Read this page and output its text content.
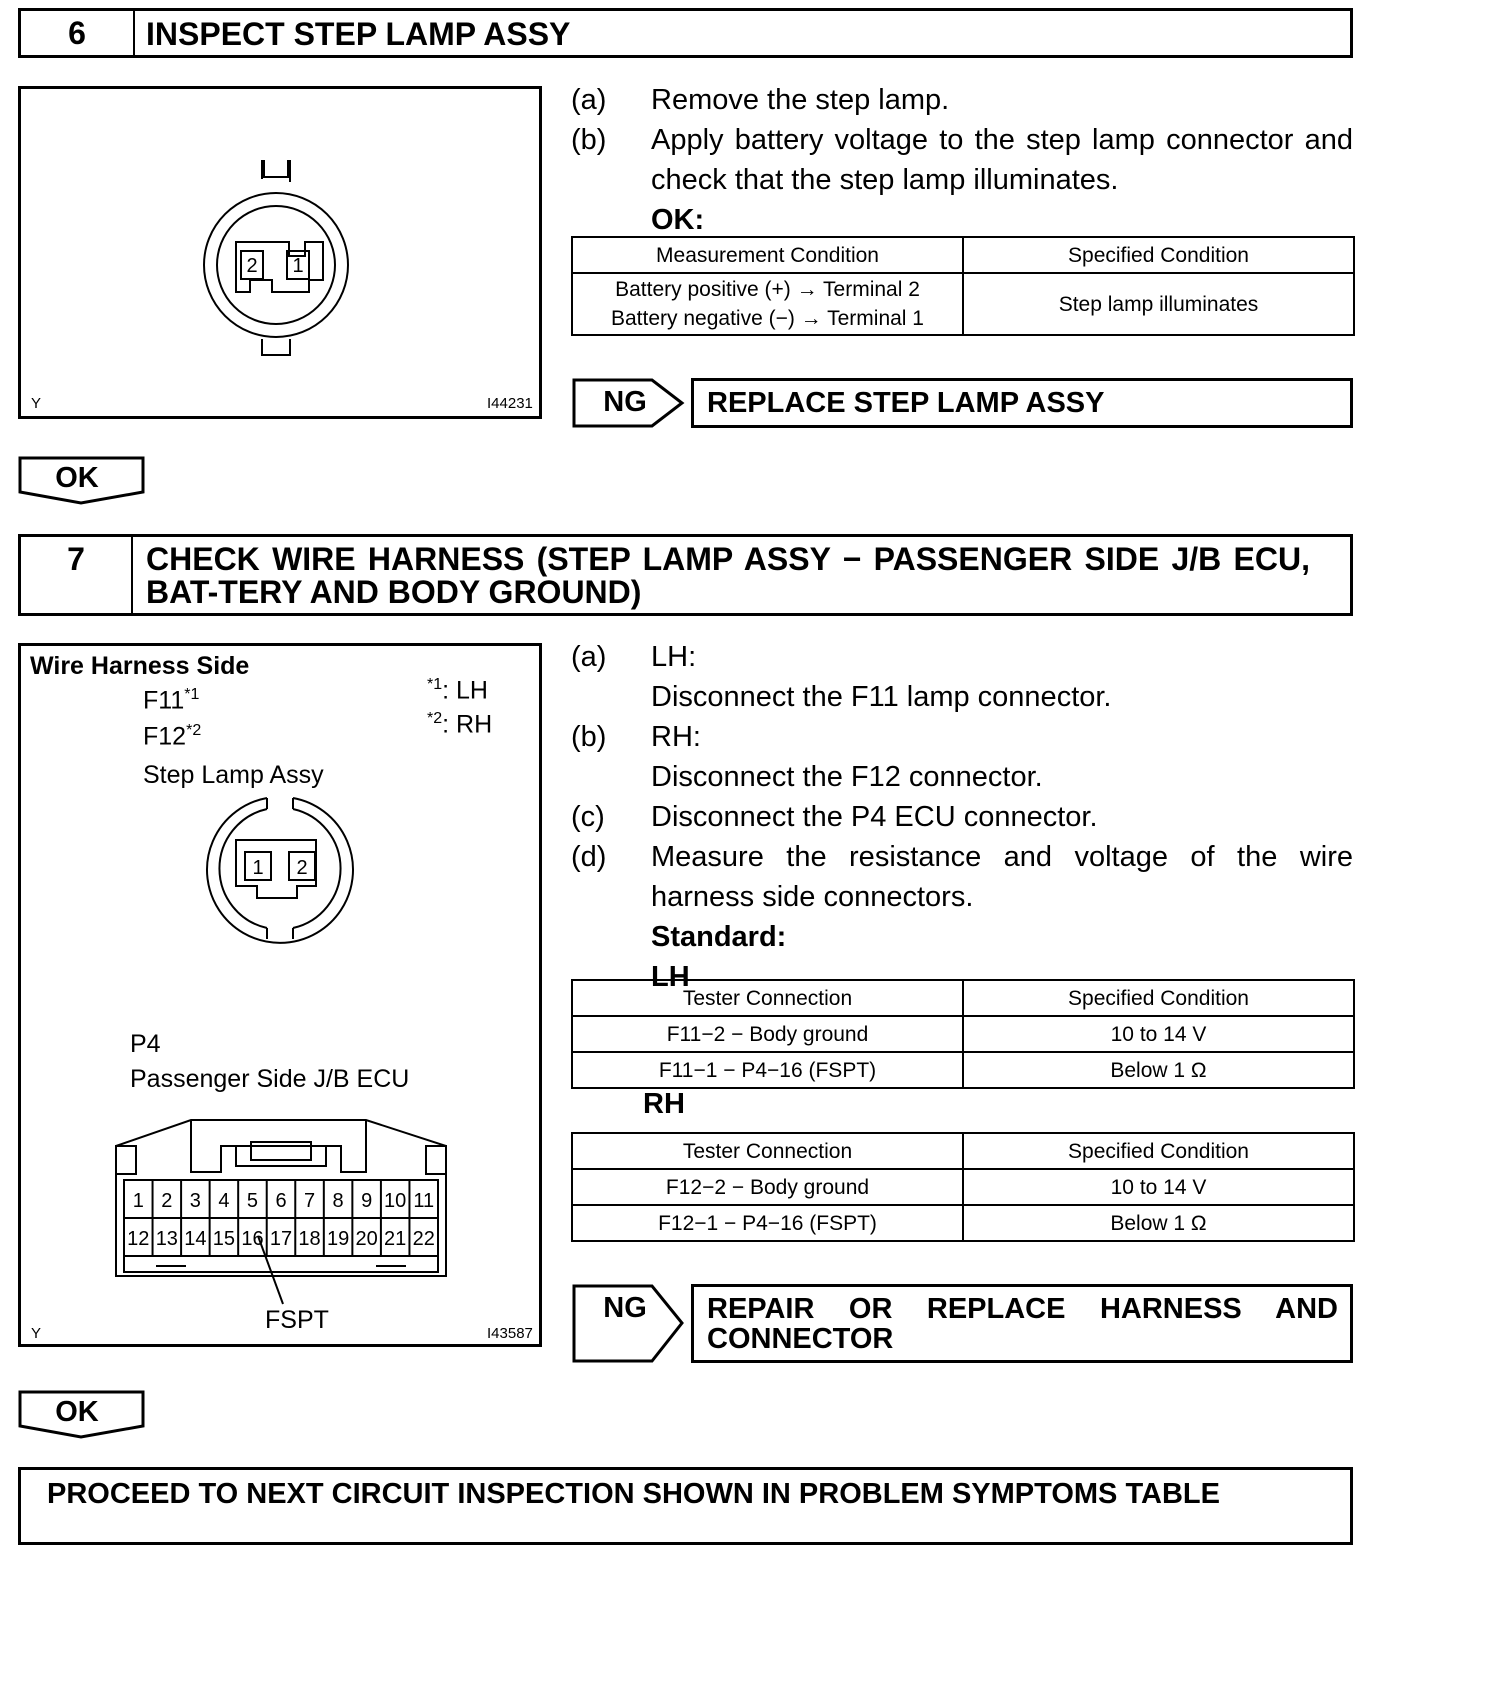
6	INSPECT STEP LAMP ASSY
2 1
Y	I44231
(a) Remove the step lamp.
(b) Apply battery voltage to the step lamp connector and check that the step lamp illuminates.
OK:
Measurement Condition	Specified Condition

Battery positive (+) → Terminal 2
Battery negative (−) → Terminal 1	Step lamp illuminates
NG	REPLACE STEP LAMP ASSY
OK
7	CHECK WIRE HARNESS (STEP LAMP ASSY − PASSENGER SIDE J/B ECU, BAT-TERY AND BODY GROUND)
Wire Harness Side
F11$^{*1}$
F12$^{*2}$
$^{*1}$: LH
$^{*2}$: RH
Step Lamp Assy
1 2
P4
Passenger Side J/B ECU
1 2 3 4 5 6 7 8 9 10 11
12 13 14 15 16 17 18 19 20 21 22
FSPT
Y	I43587
(a) LH:
Disconnect the F11 lamp connector.
(b) RH:
Disconnect the F12 connector.
(c) Disconnect the P4 ECU connector.
(d) Measure the resistance and voltage of the wire harness side connectors.
Standard:
LH
Tester Connection	Specified Condition
F11−2 − Body ground	10 to 14 V
F11−1 − P4−16 (FSPT)	Below 1 Ω
RH
Tester Connection	Specified Condition
F12−2 − Body ground	10 to 14 V
F12−1 − P4−16 (FSPT)	Below 1 Ω
NG	REPAIR OR REPLACE HARNESS AND CONNECTOR
OK
PROCEED TO NEXT CIRCUIT INSPECTION SHOWN IN PROBLEM SYMPTOMS TABLE
